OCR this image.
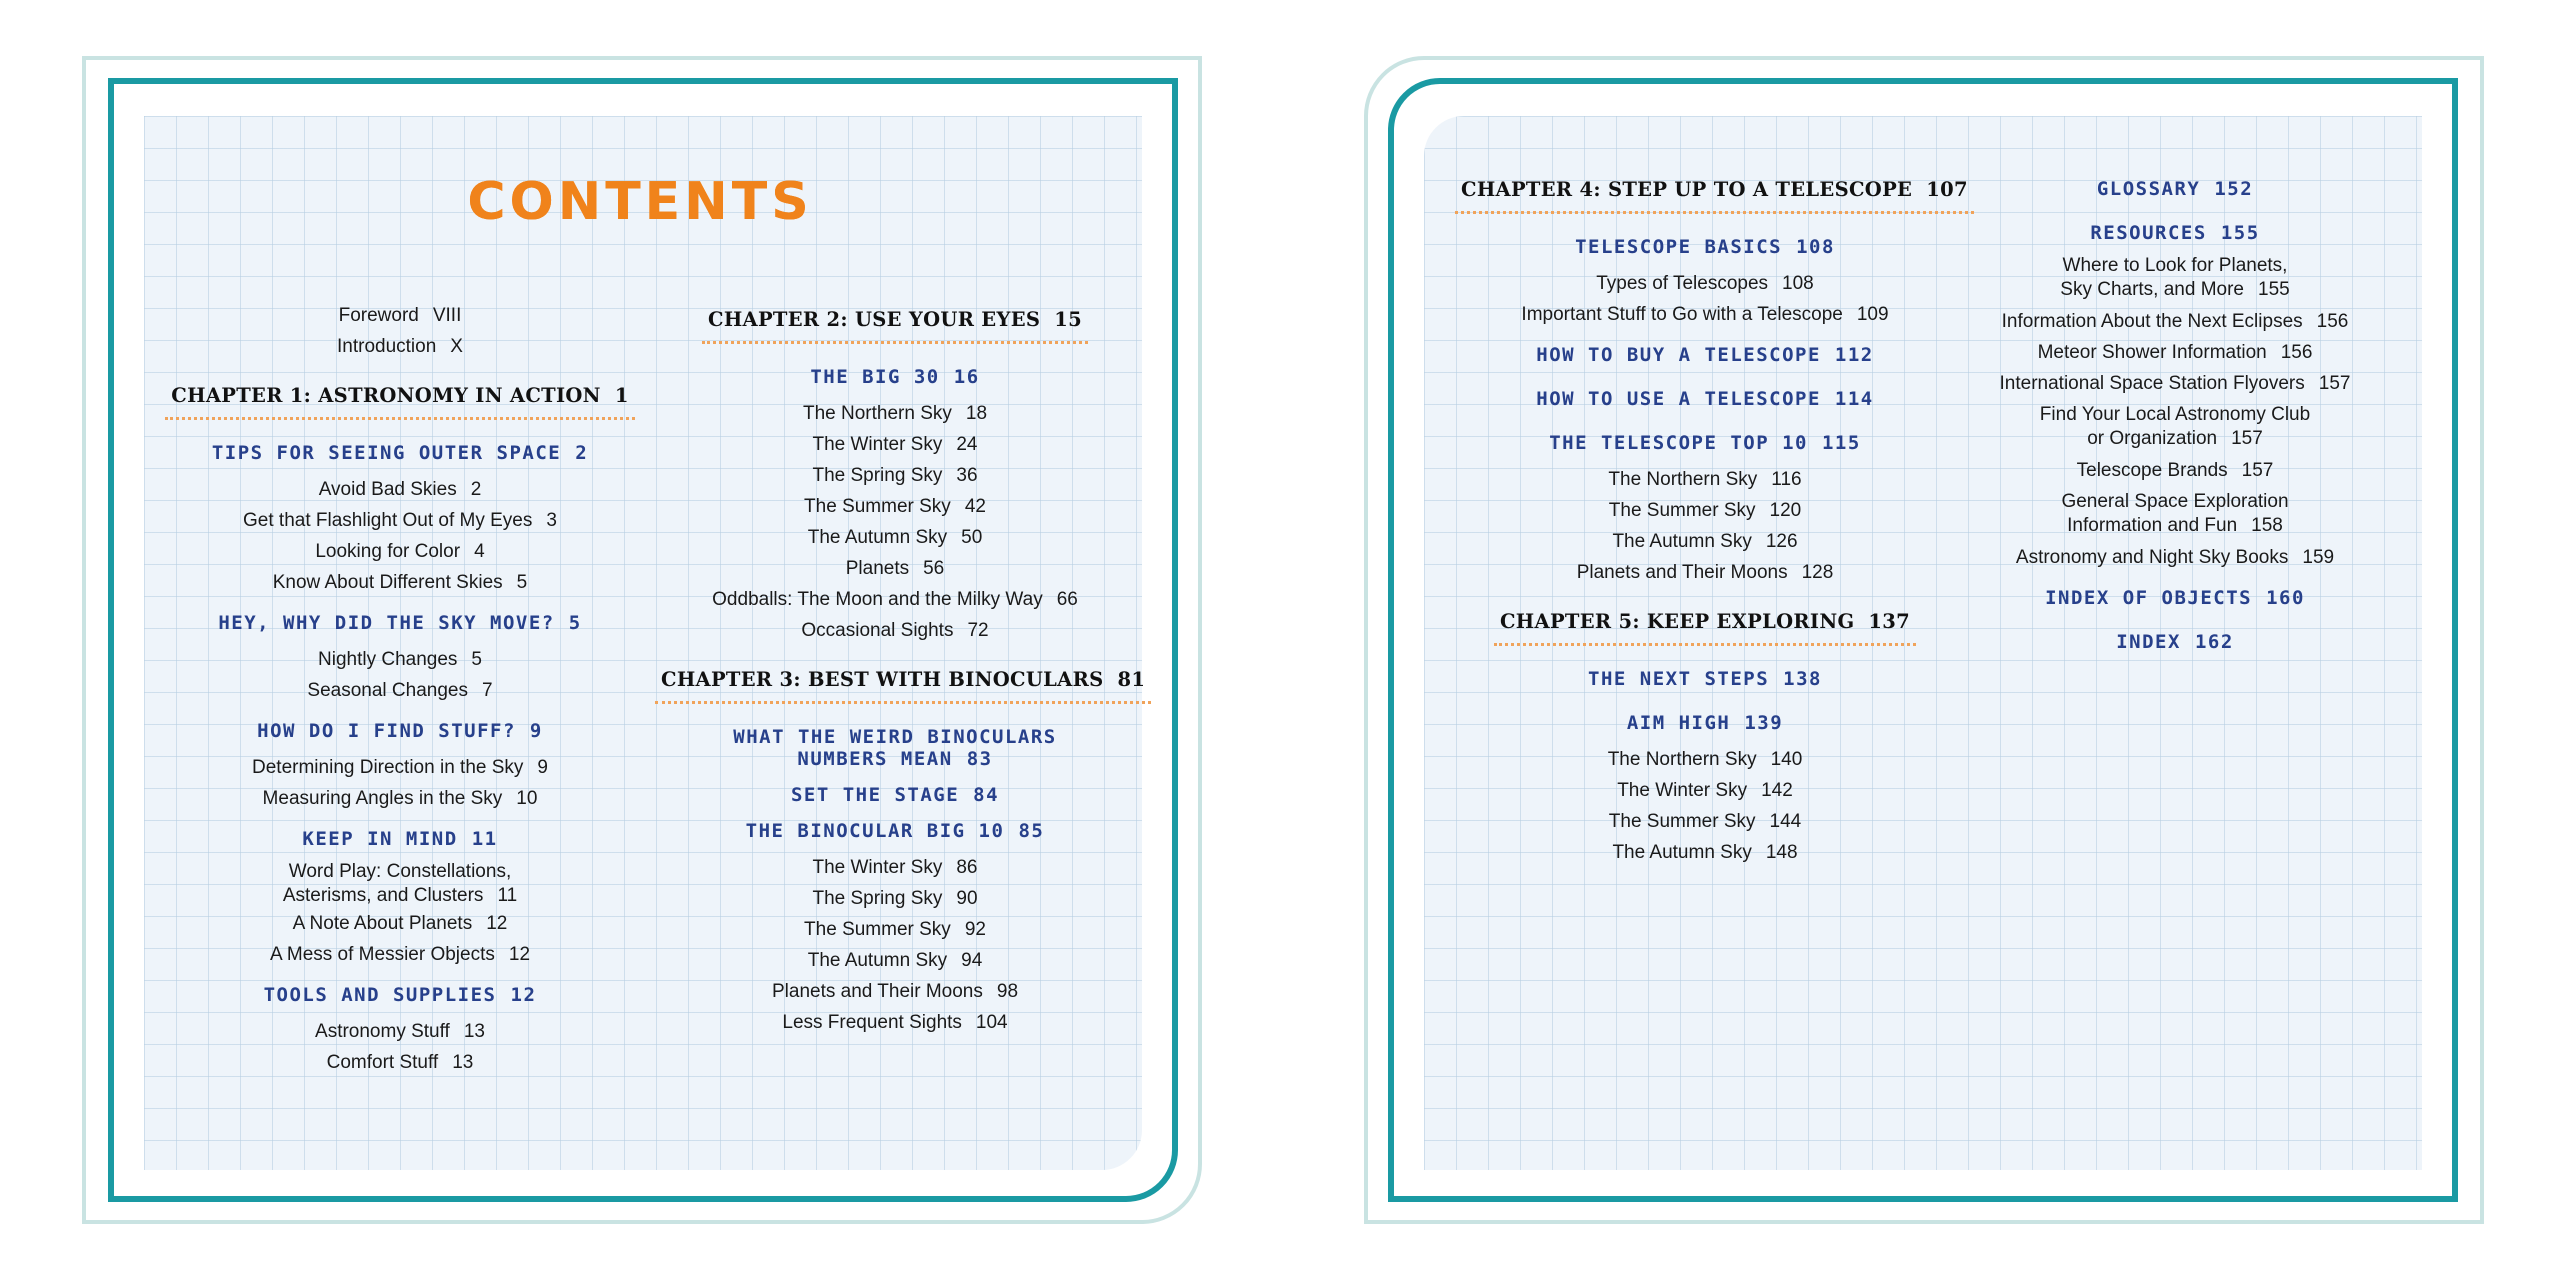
CONTENTS
Foreword VIII
Introduction X
CHAPTER 1: ASTRONOMY IN ACTION 1
TIPS FOR SEEING OUTER SPACE 2
Avoid Bad Skies 2
Get that Flashlight Out of My Eyes 3
Looking for Color 4
Know About Different Skies 5
HEY, WHY DID THE SKY MOVE? 5
Nightly Changes 5
Seasonal Changes 7
HOW DO I FIND STUFF? 9
Determining Direction in the Sky 9
Measuring Angles in the Sky 10
KEEP IN MIND 11
Word Play: Constellations,
Asterisms, and Clusters 11
A Note About Planets 12
A Mess of Messier Objects 12
TOOLS AND SUPPLIES 12
Astronomy Stuff 13
Comfort Stuff 13
CHAPTER 2: USE YOUR EYES 15
THE BIG 30 16
The Northern Sky 18
The Winter Sky 24
The Spring Sky 36
The Summer Sky 42
The Autumn Sky 50
Planets 56
Oddballs: The Moon and the Milky Way 66
Occasional Sights 72
CHAPTER 3: BEST WITH BINOCULARS 81
WHAT THE WEIRD BINOCULARS
NUMBERS MEAN 83
SET THE STAGE 84
THE BINOCULAR BIG 10 85
The Winter Sky 86
The Spring Sky 90
The Summer Sky 92
The Autumn Sky 94
Planets and Their Moons 98
Less Frequent Sights 104
CHAPTER 4: STEP UP TO A TELESCOPE 107
TELESCOPE BASICS 108
Types of Telescopes 108
Important Stuff to Go with a Telescope 109
HOW TO BUY A TELESCOPE 112
HOW TO USE A TELESCOPE 114
THE TELESCOPE TOP 10 115
The Northern Sky 116
The Summer Sky 120
The Autumn Sky 126
Planets and Their Moons 128
CHAPTER 5: KEEP EXPLORING 137
THE NEXT STEPS 138
AIM HIGH 139
The Northern Sky 140
The Winter Sky 142
The Summer Sky 144
The Autumn Sky 148
GLOSSARY 152
RESOURCES 155
Where to Look for Planets,
Sky Charts, and More 155
Information About the Next Eclipses 156
Meteor Shower Information 156
International Space Station Flyovers 157
Find Your Local Astronomy Club
or Organization 157
Telescope Brands 157
General Space Exploration
Information and Fun 158
Astronomy and Night Sky Books 159
INDEX OF OBJECTS 160
INDEX 162
